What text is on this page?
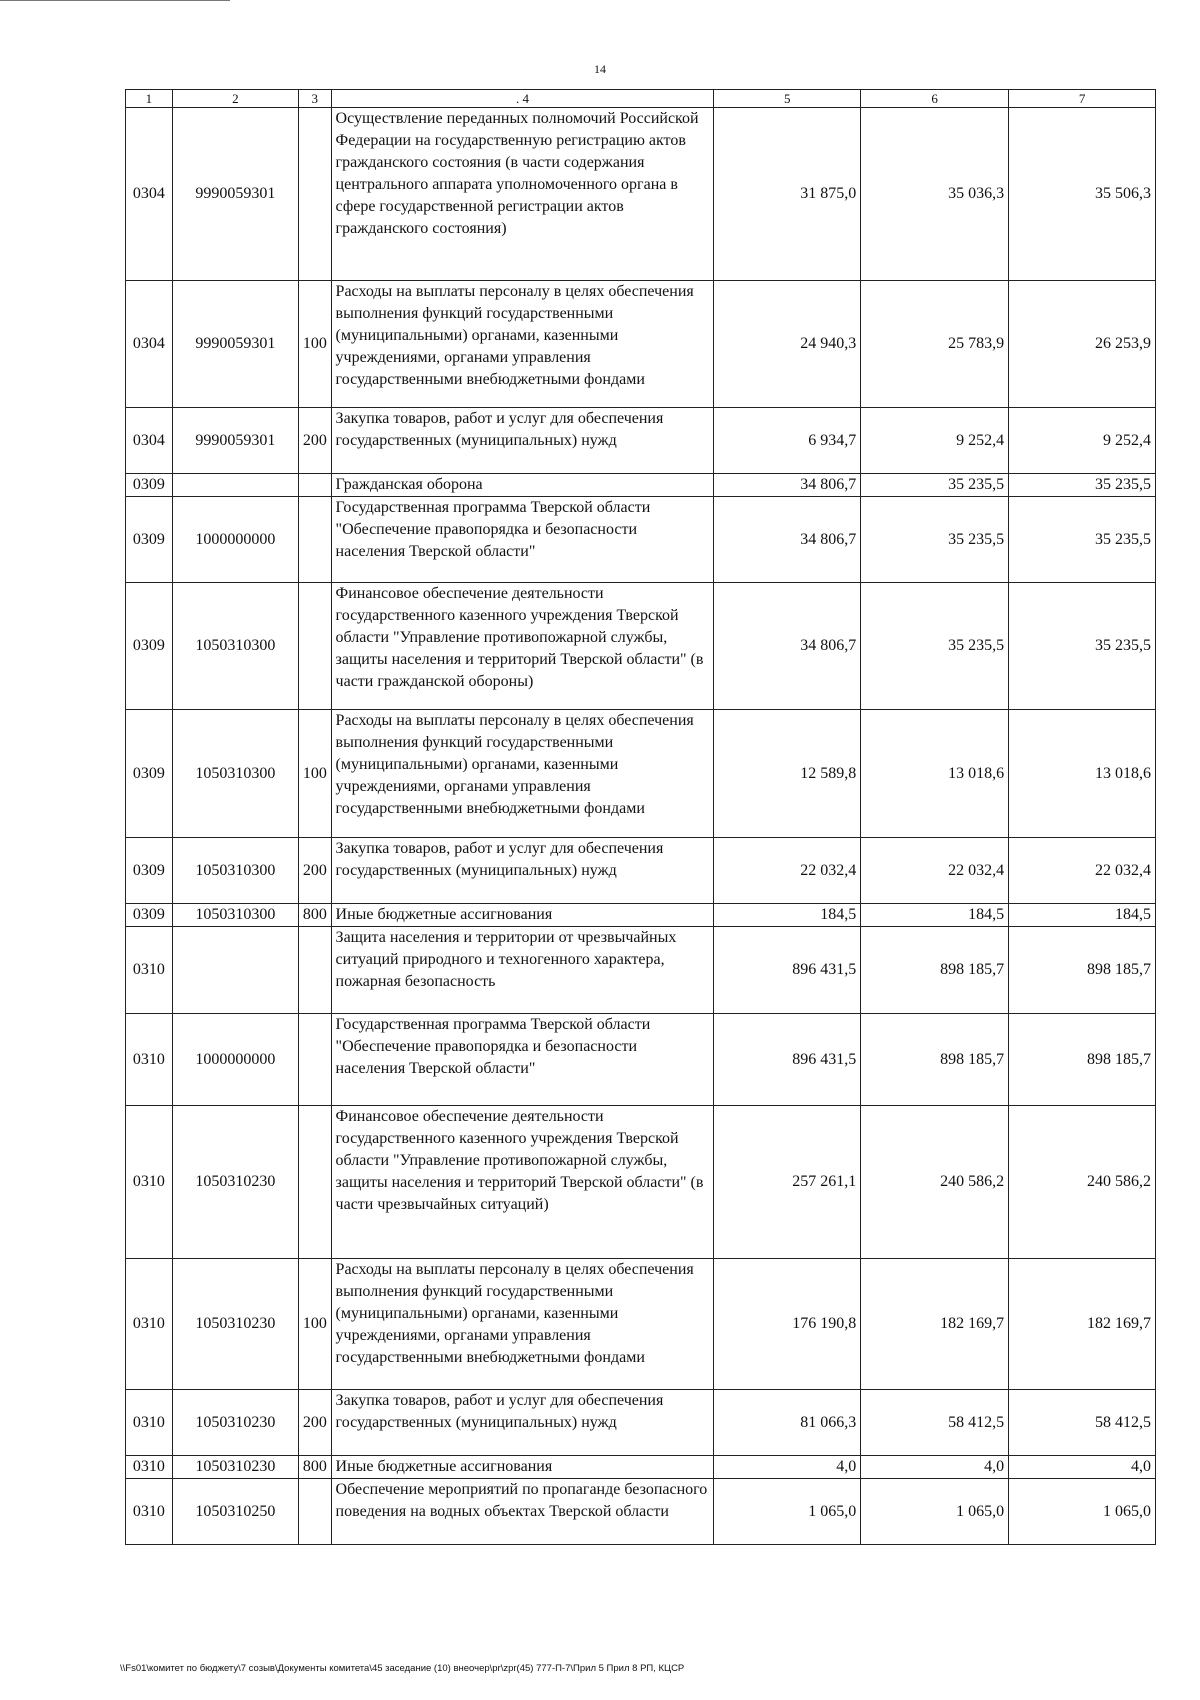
14
1	2	3	. 4	5	6	7
0304	9990059301		Осуществление переданных полномочий Российской Федерации на государственную регистрацию актов гражданского состояния (в части содержания центрального аппарата уполномоченного органа в сфере государственной регистрации актов гражданского состояния)	31 875,0	35 036,3	35 506,3
0304	9990059301	100	Расходы на выплаты персоналу в целях обеспечения выполнения функций государственными (муниципальными) органами, казенными учреждениями, органами управления государственными внебюджетными фондами	24 940,3	25 783,9	26 253,9
0304	9990059301	200	Закупка товаров, работ и услуг для обеспечения государственных (муниципальных) нужд	6 934,7	9 252,4	9 252,4
0309			Гражданская оборона	34 806,7	35 235,5	35 235,5
0309	1000000000		Государственная программа Тверской области "Обеспечение правопорядка и безопасности населения Тверской области"	34 806,7	35 235,5	35 235,5
0309	1050310300		Финансовое обеспечение деятельности государственного казенного учреждения Тверской области "Управление противопожарной службы, защиты населения и территорий Тверской области" (в части гражданской обороны)	34 806,7	35 235,5	35 235,5
0309	1050310300	100	Расходы на выплаты персоналу в целях обеспечения выполнения функций государственными (муниципальными) органами, казенными учреждениями, органами управления государственными внебюджетными фондами	12 589,8	13 018,6	13 018,6
0309	1050310300	200	Закупка товаров, работ и услуг для обеспечения государственных (муниципальных) нужд	22 032,4	22 032,4	22 032,4
0309	1050310300	800	Иные бюджетные ассигнования	184,5	184,5	184,5
0310			Защита населения и территории от чрезвычайных ситуаций природного и техногенного характера, пожарная безопасность	896 431,5	898 185,7	898 185,7
0310	1000000000		Государственная программа Тверской области "Обеспечение правопорядка и безопасности населения Тверской области"	896 431,5	898 185,7	898 185,7
0310	1050310230		Финансовое обеспечение деятельности государственного казенного учреждения Тверской области "Управление противопожарной службы, защиты населения и территорий Тверской области" (в части чрезвычайных ситуаций)	257 261,1	240 586,2	240 586,2
0310	1050310230	100	Расходы на выплаты персоналу в целях обеспечения выполнения функций государственными (муниципальными) органами, казенными учреждениями, органами управления государственными внебюджетными фондами	176 190,8	182 169,7	182 169,7
0310	1050310230	200	Закупка товаров, работ и услуг для обеспечения государственных (муниципальных) нужд	81 066,3	58 412,5	58 412,5
0310	1050310230	800	Иные бюджетные ассигнования	4,0	4,0	4,0
0310	1050310250		Обеспечение мероприятий по пропаганде безопасного поведения на водных объектах Тверской области	1 065,0	1 065,0	1 065,0
\\Fs01\комитет по бюджету\7 созыв\Документы комитета\45 заседание (10) внеочер\pr\zpr(45) 777-П-7\Прил 5 Прил 8 РП, КЦСР
